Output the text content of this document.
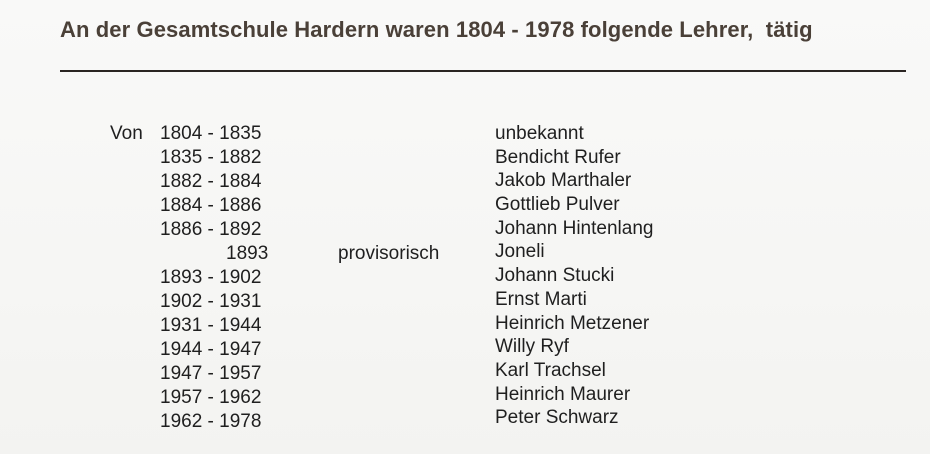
An der Gesamtschule Hardern waren 1804 - 1978 folgende Lehrer,  tätig
Von 1804 - 1835
1835 - 1882
1882 - 1884
1884 - 1886
1886 - 1892
1893
1893 - 1902
1902 - 1931
1931 - 1944
1944 - 1947
1947 - 1957
1957 - 1962
1962 - 1978
provisorisch
unbekannt
Bendicht Rufer
Jakob Marthaler
Gottlieb Pulver
Johann Hintenlang
Joneli
Johann Stucki
Ernst Marti
Heinrich Metzener
Willy Ryf
Karl Trachsel
Heinrich Maurer
Peter Schwarz
